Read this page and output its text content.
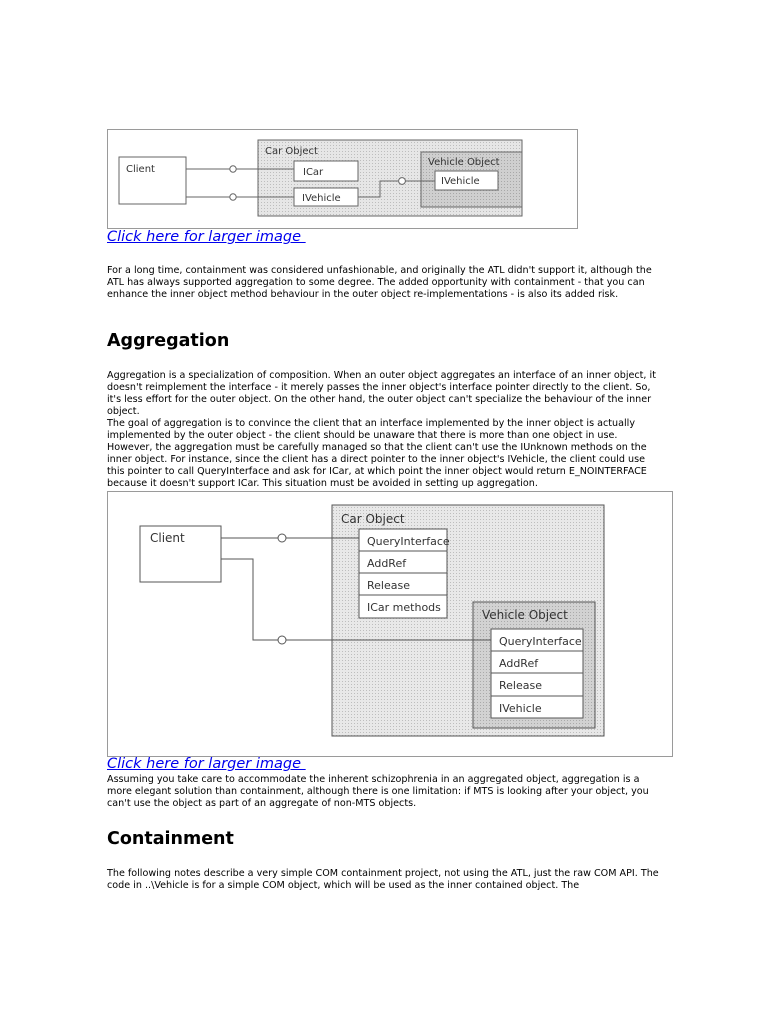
Client
Car Object
ICar
IVehicle
Vehicle Object
IVehicle
Click here for larger image

For a long time, containment was considered unfashionable, and originally the ATL didn't support it, although the ATL has always supported aggregation to some degree. The added opportunity with containment - that you can enhance the inner object method behaviour in the outer object re-implementations - is also its added risk.

Aggregation

Aggregation is a specialization of composition. When an outer object aggregates an interface of an inner object, it doesn't reimplement the interface - it merely passes the inner object's interface pointer directly to the client. So, it's less effort for the outer object. On the other hand, the outer object can't specialize the behaviour of the inner object.

The goal of aggregation is to convince the client that an interface implemented by the inner object is actually implemented by the outer object - the client should be unaware that there is more than one object in use. However, the aggregation must be carefully managed so that the client can't use the IUnknown methods on the inner object. For instance, since the client has a direct pointer to the inner object's IVehicle, the client could use this pointer to call QueryInterface and ask for ICar, at which point the inner object would return E_NOINTERFACE because it doesn't support ICar. This situation must be avoided in setting up aggregation.

Client
Car Object
QueryInterface
AddRef
Release
ICar methods
Vehicle Object
QueryInterface
AddRef
Release
IVehicle
Click here for larger image

Assuming you take care to accommodate the inherent schizophrenia in an aggregated object, aggregation is a more elegant solution than containment, although there is one limitation: if MTS is looking after your object, you can't use the object as part of an aggregate of non-MTS objects.

Containment

The following notes describe a very simple COM containment project, not using the ATL, just the raw COM API. The code in ..\Vehicle is for a simple COM object, which will be used as the inner contained object. The
